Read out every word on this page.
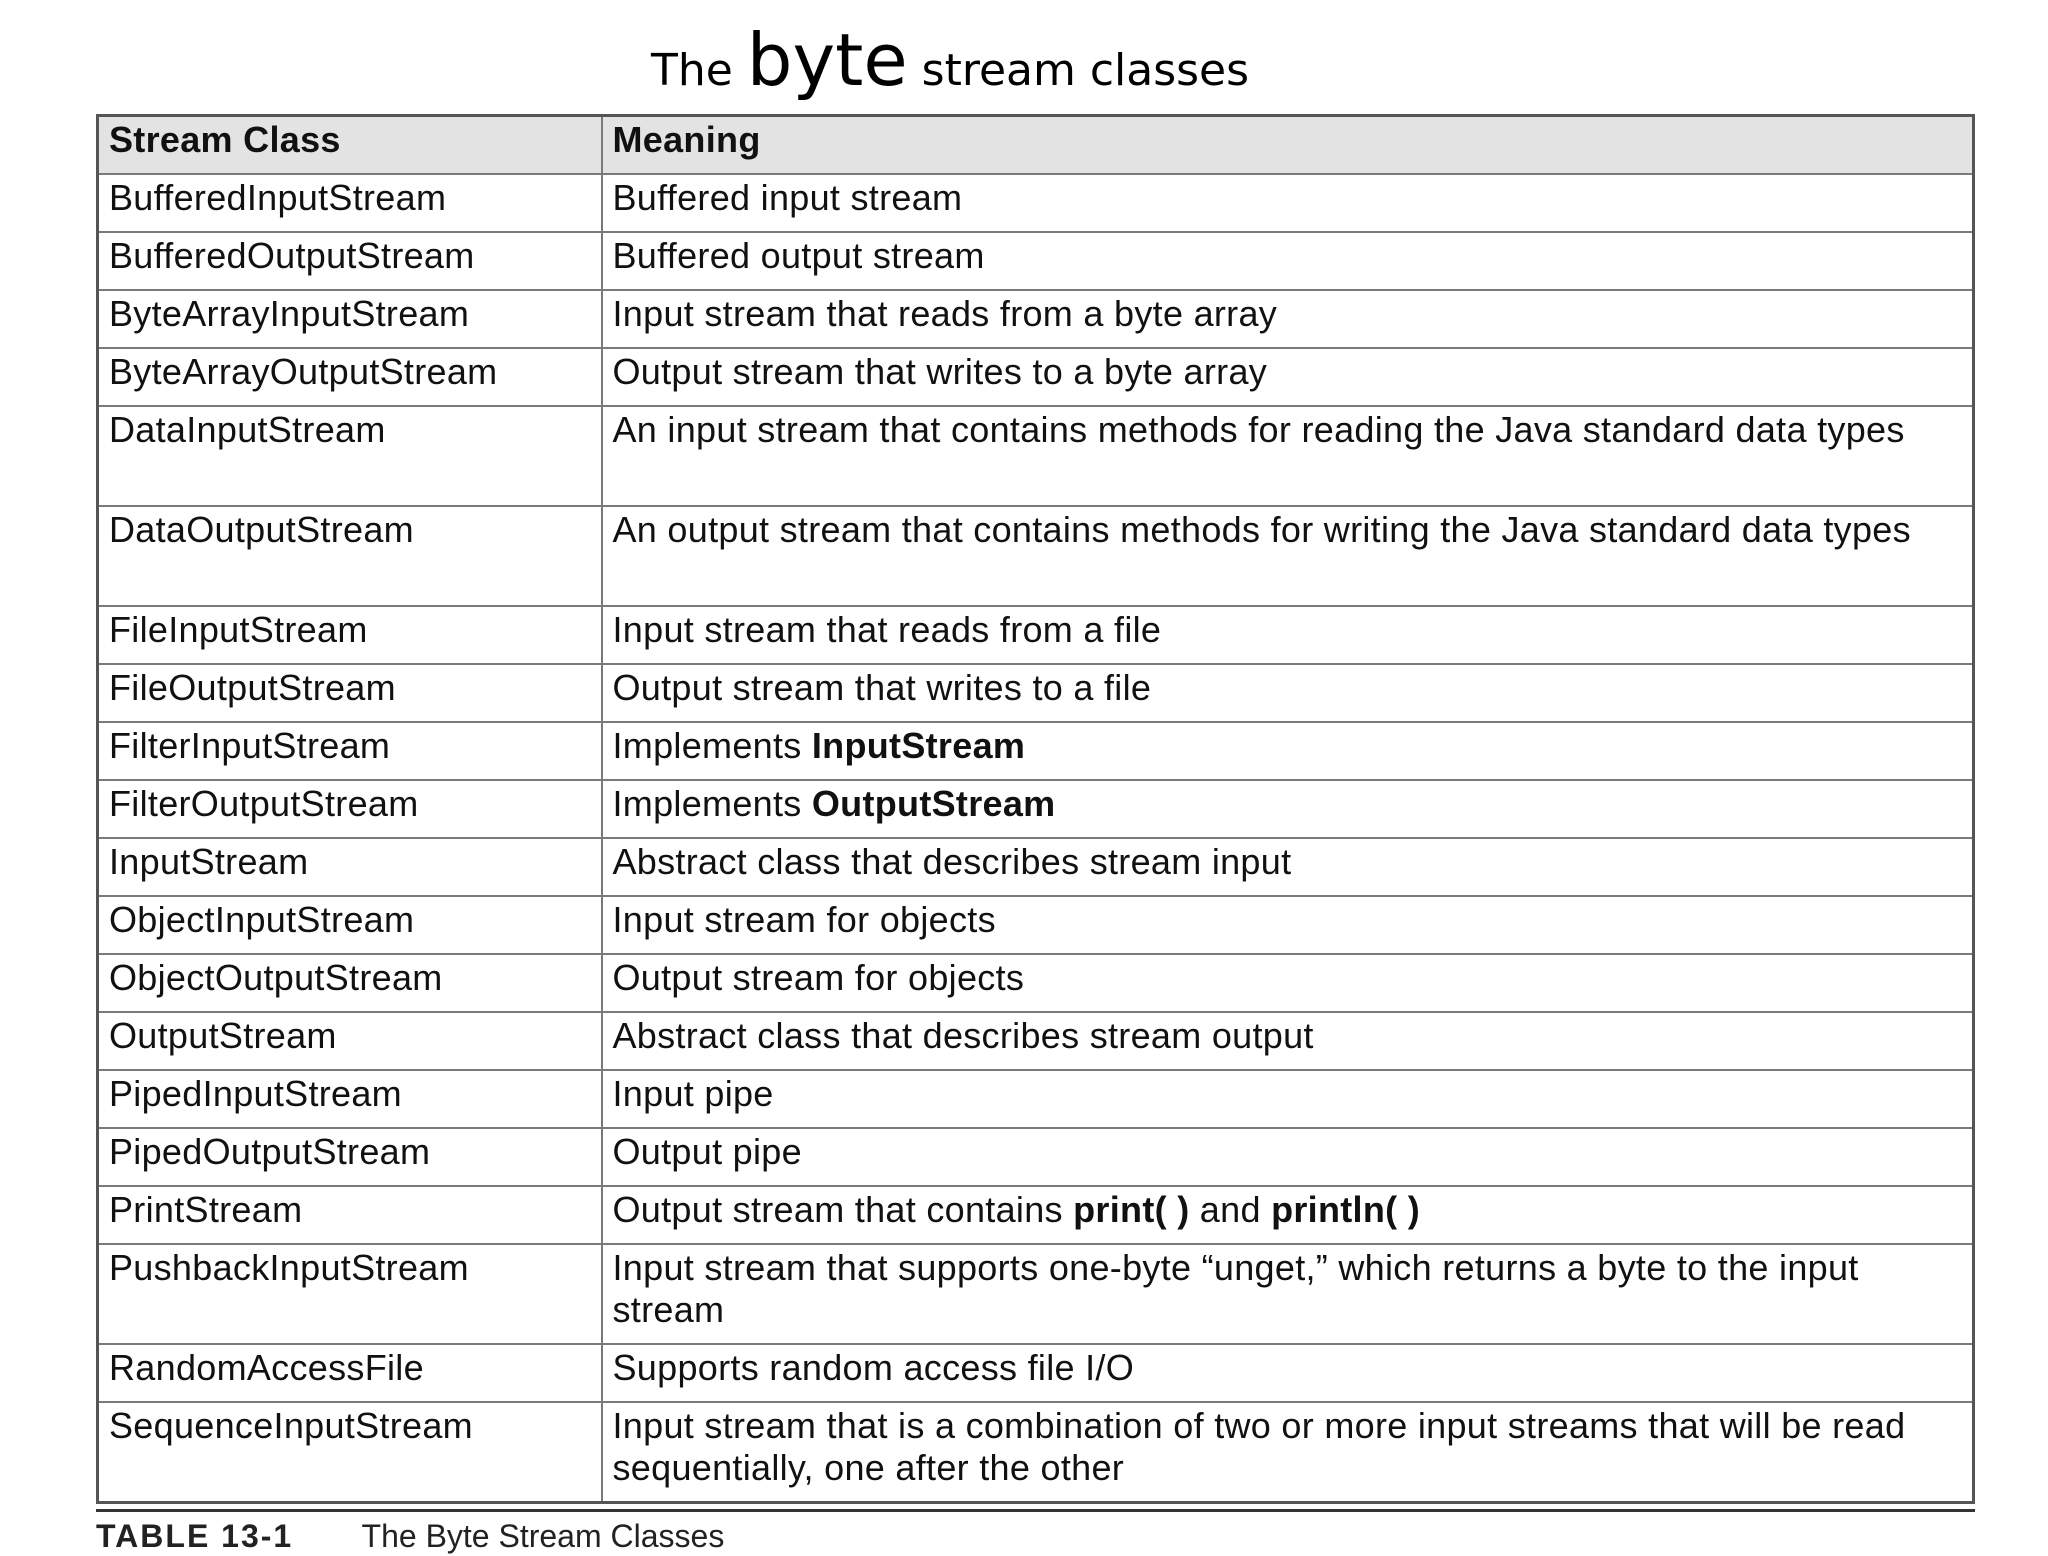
The byte stream classes
Stream Class	Meaning
BufferedInputStream	Buffered input stream
BufferedOutputStream	Buffered output stream
ByteArrayInputStream	Input stream that reads from a byte array
ByteArrayOutputStream	Output stream that writes to a byte array
DataInputStream	An input stream that contains methods for reading the Java standard data types
DataOutputStream	An output stream that contains methods for writing the Java standard data types
FileInputStream	Input stream that reads from a file
FileOutputStream	Output stream that writes to a file
FilterInputStream	Implements InputStream
FilterOutputStream	Implements OutputStream
InputStream	Abstract class that describes stream input
ObjectInputStream	Input stream for objects
ObjectOutputStream	Output stream for objects
OutputStream	Abstract class that describes stream output
PipedInputStream	Input pipe
PipedOutputStream	Output pipe
PrintStream	Output stream that contains print( ) and println( )
PushbackInputStream	Input stream that supports one-byte “unget,” which returns a byte to the input stream
RandomAccessFile	Supports random access file I/O
SequenceInputStream	Input stream that is a combination of two or more input streams that will be read sequentially, one after the other
TABLE 13-1 The Byte Stream Classes
